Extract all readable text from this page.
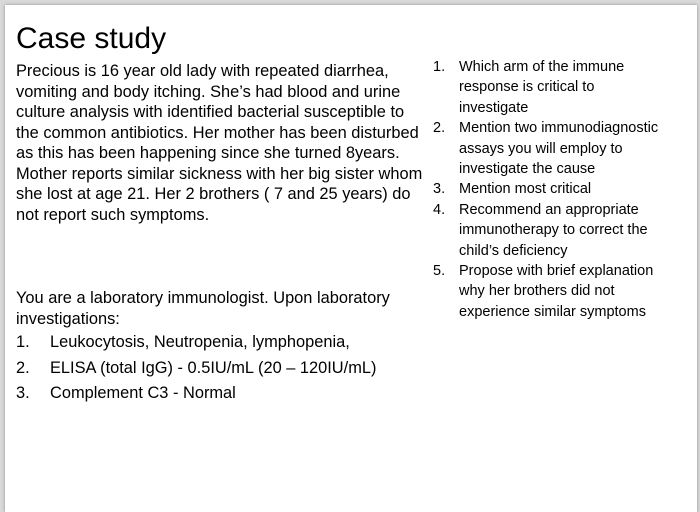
Case study

Precious is 16 year old lady with repeated diarrhea, vomiting and body itching. She’s had blood and urine culture analysis with identified bacterial susceptible to the common antibiotics. Her mother has been disturbed as this has been happening since she turned 8years. Mother reports similar sickness with her big sister whom she lost at age 21. Her 2 brothers ( 7 and 25 years) do not report such symptoms.

You are a laboratory immunologist. Upon laboratory investigations:

1.	Leukocytosis, Neutropenia, lymphopenia,
2.	ELISA (total IgG) - 0.5IU/mL (20 – 120IU/mL)
3.	Complement C3 - Normal
1. Which arm of the immune response is critical to investigate
2. Mention two immunodiagnostic assays you will employ to investigate the cause
3. Mention most critical
4. Recommend an appropriate immunotherapy to correct the child’s deficiency
5. Propose with brief explanation why her brothers did not experience similar symptoms
